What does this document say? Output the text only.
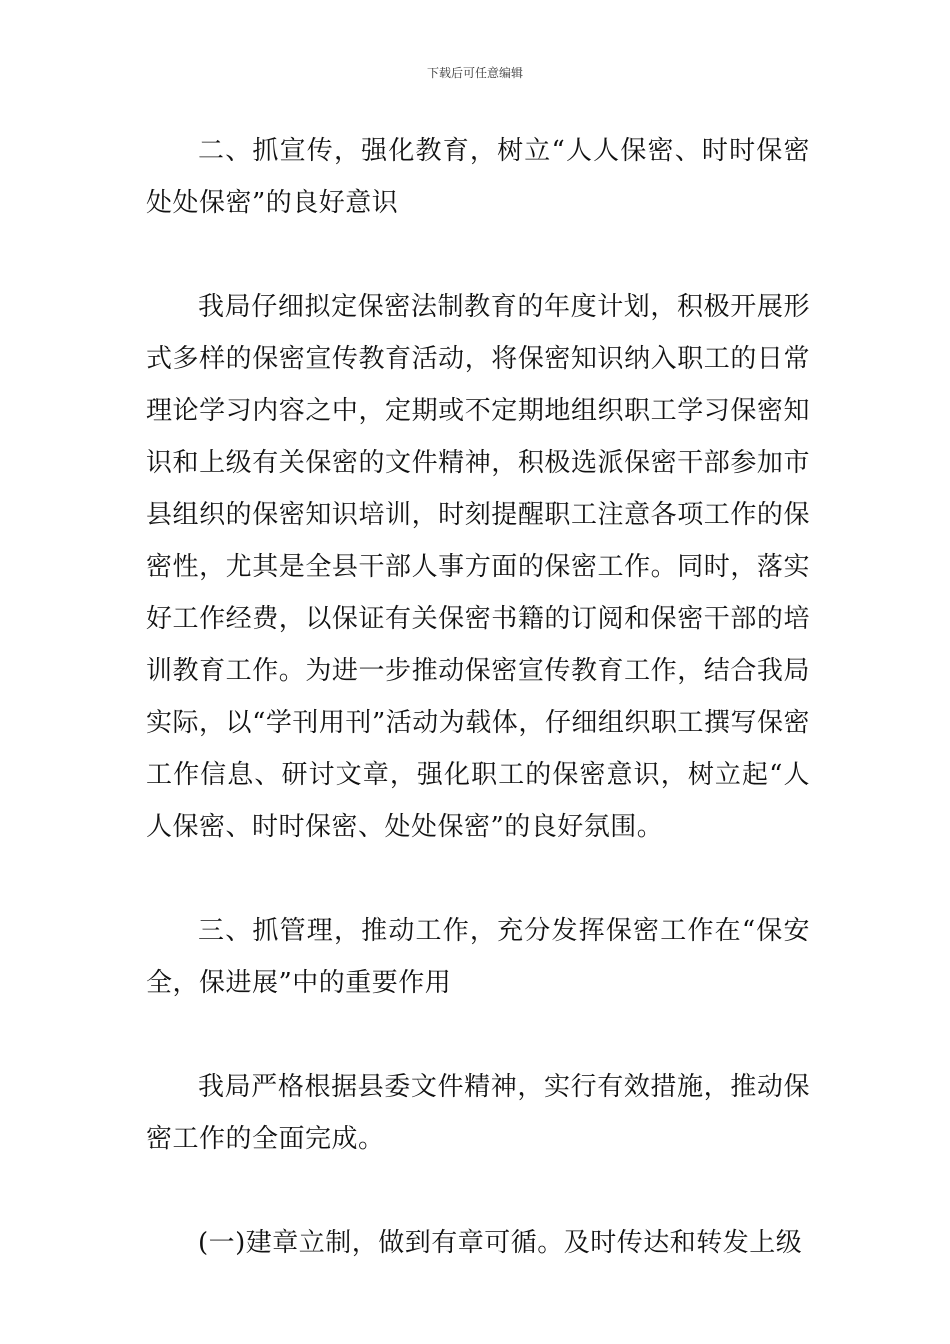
下载后可任意编辑

二、抓宣传，强化教育，树立“人人保密、时时保密处处保密”的良好意识

我局仔细拟定保密法制教育的年度计划，积极开展形式多样的保密宣传教育活动，将保密知识纳入职工的日常理论学习内容之中，定期或不定期地组织职工学习保密知识和上级有关保密的文件精神，积极选派保密干部参加市县组织的保密知识培训，时刻提醒职工注意各项工作的保密性，尤其是全县干部人事方面的保密工作。同时，落实好工作经费，以保证有关保密书籍的订阅和保密干部的培训教育工作。为进一步推动保密宣传教育工作，结合我局实际，以“学刊用刊”活动为载体，仔细组织职工撰写保密工作信息、研讨文章，强化职工的保密意识，树立起“人人保密、时时保密、处处保密”的良好氛围。

三、抓管理，推动工作，充分发挥保密工作在“保安全，保进展”中的重要作用

我局严格根据县委文件精神，实行有效措施，推动保密工作的全面完成。

(一)建章立制，做到有章可循。及时传达和转发上级
